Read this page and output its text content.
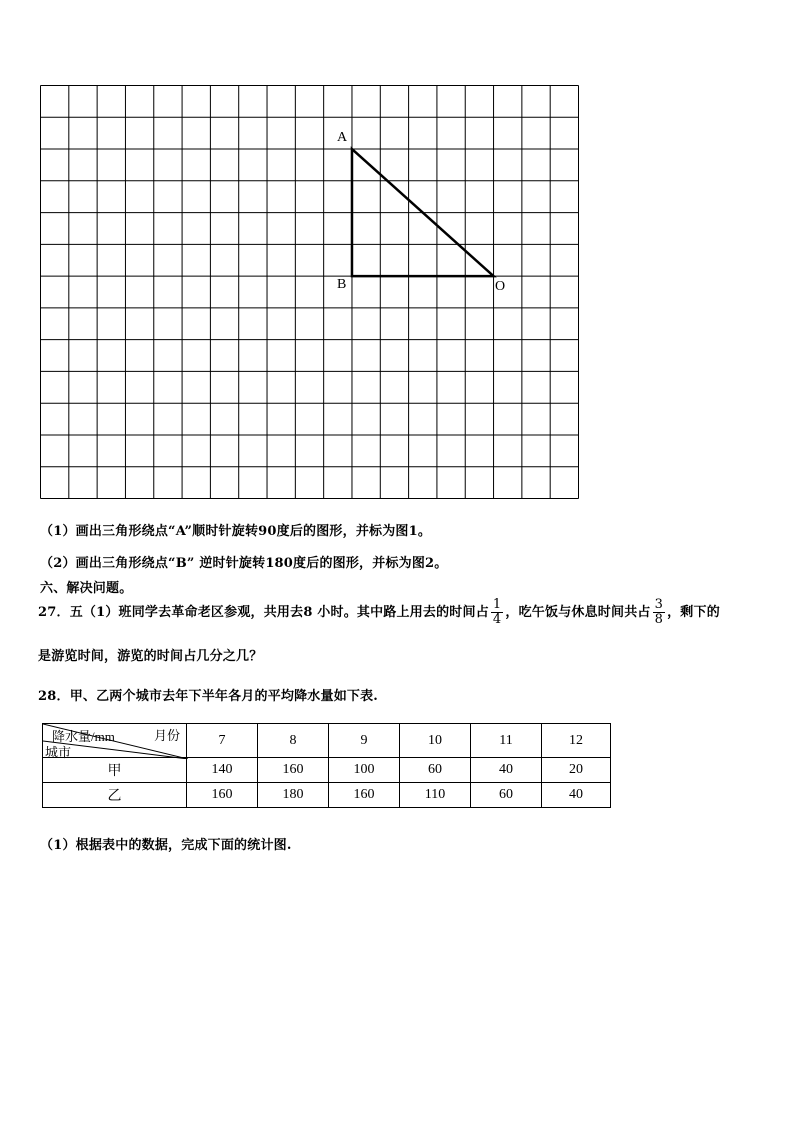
A
B	O
（1）画出三角形绕点“A”顺时针旋转90度后的图形，并标为图1。
（2）画出三角形绕点“B” 逆时针旋转180度后的图形，并标为图2。
六、解决问题。
27．五（1）班同学去革命老区参观，共用去8 小时。其中路上用去的时间占 $\frac{1}{4}$ ，吃午饭与休息时间共占 $\frac{3}{8}$ ，剩下的
是游览时间，游览的时间占几分之几？
28．甲、乙两个城市去年下半年各月的平均降水量如下表.
降水量/mm 月份
城市	7	8	9	10	11	12
甲	140	160	100	60	40	20
乙	160	180	160	110	60	40
（1）根据表中的数据，完成下面的统计图.
